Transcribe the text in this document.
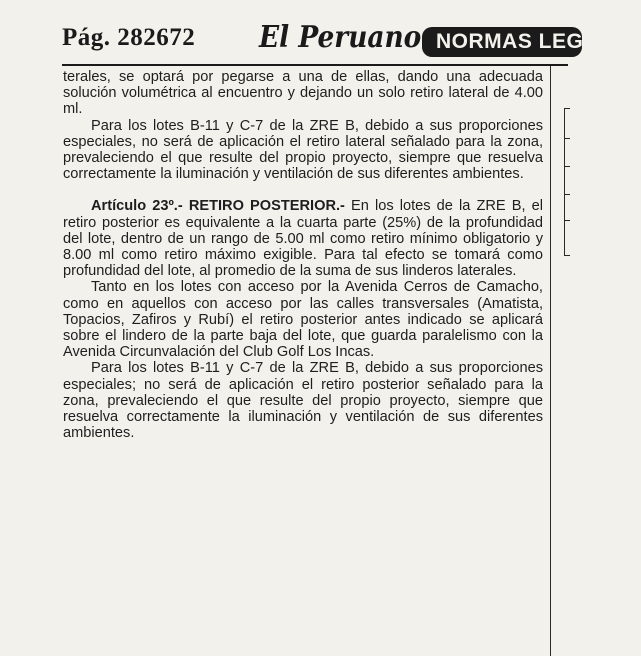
Pág. 282672 El Peruano NORMAS LEGALES

terales, se optará por pegarse a una de ellas, dando una adecuada solución volumétrica al encuentro y dejando un solo retiro lateral de 4.00 ml.

Para los lotes B-11 y C-7 de la ZRE B, debido a sus proporciones especiales, no será de aplicación el retiro lateral señalado para la zona, prevaleciendo el que resulte del propio proyecto, siempre que resuelva correctamente la iluminación y ventilación de sus diferentes ambientes.

Artículo 23º.- RETIRO POSTERIOR.- En los lotes de la ZRE B, el retiro posterior es equivalente a la cuarta parte (25%) de la profundidad del lote, dentro de un rango de 5.00 ml como retiro mínimo obligatorio y 8.00 ml como retiro máximo exigible. Para tal efecto se tomará como profundidad del lote, al promedio de la suma de sus linderos laterales.

Tanto en los lotes con acceso por la Avenida Cerros de Camacho, como en aquellos con acceso por las calles transversales (Amatista, Topacios, Zafiros y Rubí) el retiro posterior antes indicado se aplicará sobre el lindero de la parte baja del lote, que guarda paralelismo con la Avenida Circunvalación del Club Golf Los Incas.

Para los lotes B-11 y C-7 de la ZRE B, debido a sus proporciones especiales; no será de aplicación el retiro posterior señalado para la zona, prevaleciendo el que resulte del propio proyecto, siempre que resuelva correctamente la iluminación y ventilación de sus diferentes ambientes.
